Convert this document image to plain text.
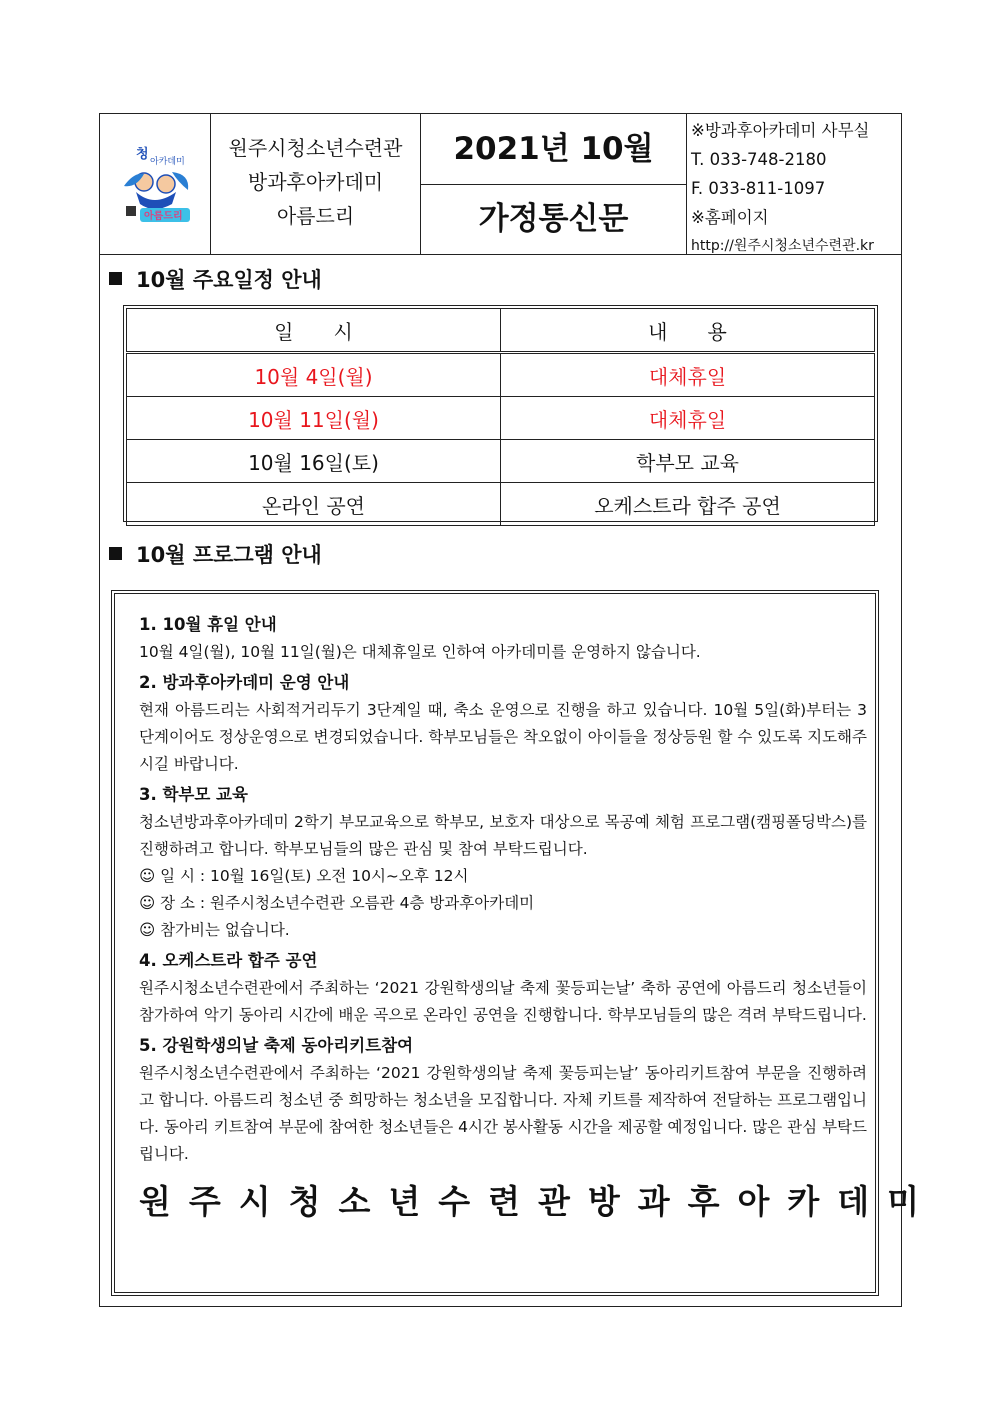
청 아카데미
아름드리
원주시청소년수련관
방과후아카데미
아름드리
2021년 10월
가정통신문
※방과후아카데미 사무실
T. 033-748-2180
F. 033-811-1097
※홈페이지
http://원주시청소년수련관.kr
10월 주요일정 안내
일　　시	내　　용
10월 4일(월)	대체휴일
10월 11일(월)	대체휴일
10월 16일(토)	학부모 교육
온라인 공연	오케스트라 합주 공연
10월 프로그램 안내
1. 10월 휴일 안내

10월 4일(월), 10월 11일(월)은 대체휴일로 인하여 아카데미를 운영하지 않습니다.

2. 방과후아카데미 운영 안내

현재 아름드리는 사회적거리두기 3단계일 때, 축소 운영으로 진행을 하고 있습니다. 10월 5일(화)부터는 3단계이어도 정상운영으로 변경되었습니다. 학부모님들은 착오없이 아이들을 정상등원 할 수 있도록 지도해주시길 바랍니다.

3. 학부모 교육

청소년방과후아카데미 2학기 부모교육으로 학부모, 보호자 대상으로 목공예 체험 프로그램(캠핑폴딩박스)를 진행하려고 합니다. 학부모님들의 많은 관심 및 참여 부탁드립니다.

☺ 일 시 : 10월 16일(토) 오전 10시~오후 12시
☺ 장 소 : 원주시청소년수련관 오름관 4층 방과후아카데미
☺ 참가비는 없습니다.
4. 오케스트라 합주 공연

원주시청소년수련관에서 주최하는 ‘2021 강원학생의날 축제 꽃등피는날’ 축하 공연에 아름드리 청소년들이 참가하여 악기 동아리 시간에 배운 곡으로 온라인 공연을 진행합니다. 학부모님들의 많은 격려 부탁드립니다.

5. 강원학생의날 축제 동아리키트참여

원주시청소년수련관에서 주최하는 ‘2021 강원학생의날 축제 꽃등피는날’ 동아리키트참여 부문을 진행하려고 합니다. 아름드리 청소년 중 희망하는 청소년을 모집합니다. 자체 키트를 제작하여 전달하는 프로그램입니다. 동아리 키트참여 부문에 참여한 청소년들은 4시간 봉사활동 시간을 제공할 예정입니다. 많은 관심 부탁드립니다.

원주시청소년수련관방과후아카데미
